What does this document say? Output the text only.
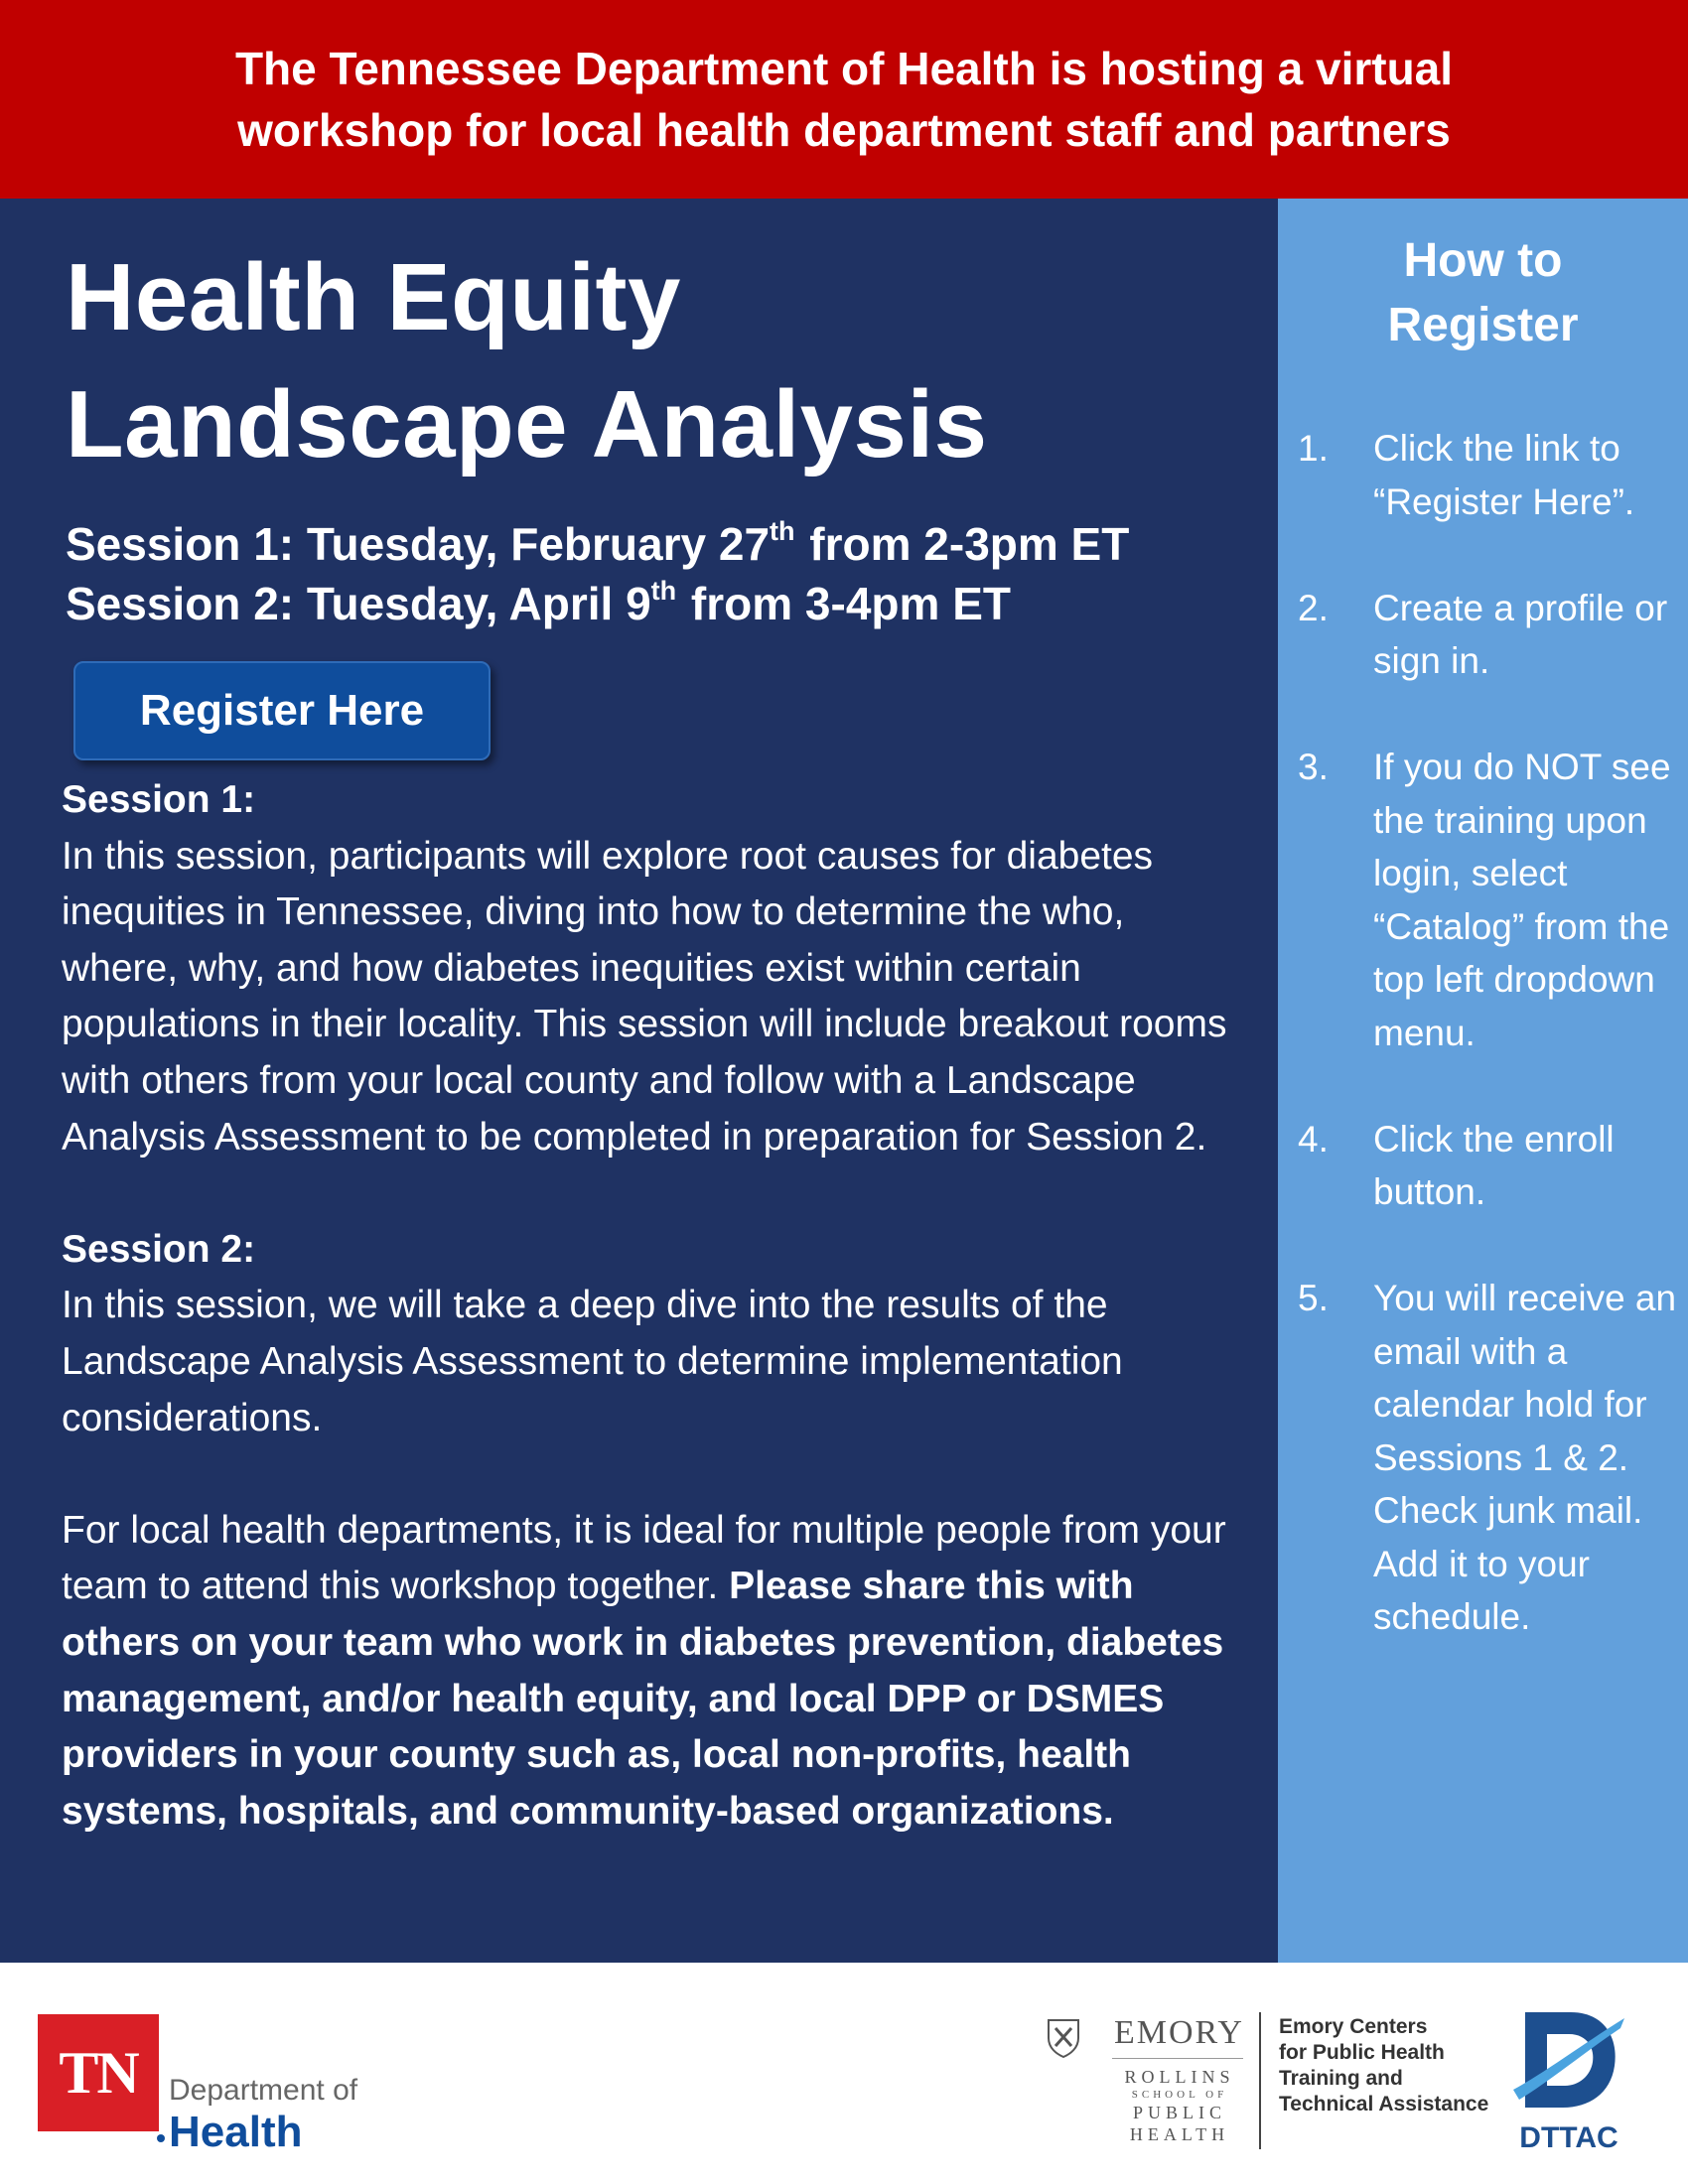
The Tennessee Department of Health is hosting a virtual
workshop for local health department staff and partners
Health Equity
Landscape Analysis
Session 1: Tuesday, February 27th from 2-3pm ET
Session 2: Tuesday, April 9th from 3-4pm ET
Register Here
Session 1:

In this session, participants will explore root causes for diabetes inequities in Tennessee, diving into how to determine the who, where, why, and how diabetes inequities exist within certain populations in their locality. This session will include breakout rooms with others from your local county and follow with a Landscape Analysis Assessment to be completed in preparation for Session 2.

Session 2:

In this session, we will take a deep dive into the results of the Landscape Analysis Assessment to determine implementation considerations.

For local health departments, it is ideal for multiple people from your team to attend this workshop together. Please share this with others on your team who work in diabetes prevention, diabetes management, and/or health equity, and local DPP or DSMES providers in your county such as, local non-profits, health systems, hospitals, and community-based organizations.

How to
Register
1. Click the link to “Register Here”.
2. Create a profile or sign in.
3. If you do NOT see the training upon login, select “Catalog” from the top left dropdown menu.
4. Click the enroll button.
5. You will receive an email with a calendar hold for Sessions 1 & 2. Check junk mail. Add it to your schedule.
TN	Department of
Health
EMORY
ROLLINS
SCHOOL OF
PUBLIC
HEALTH
Emory Centers
for Public Health
Training and
Technical Assistance
DTTAC
